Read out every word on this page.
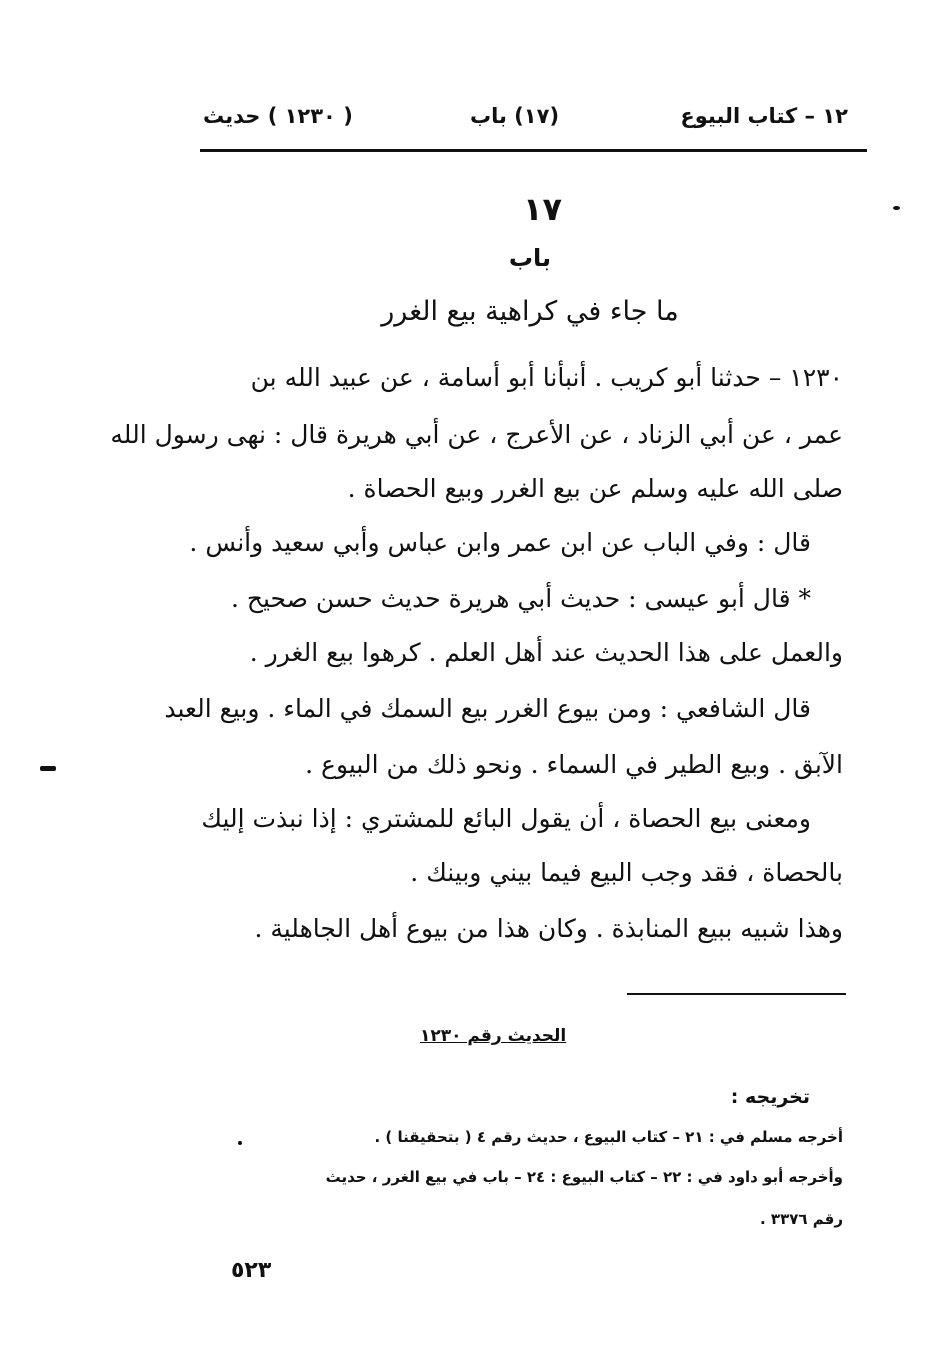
١٢ – كتاب البيوع
(١٧) باب
( ١٢٣٠ ) حديث
١٧
باب
ما جاء في كراهية بيع الغرر
١٢٣٠ – حدثنا أبو كريب . أنبأنا أبو أسامة ، عن عبيد الله بن
عمر ، عن أبي الزناد ، عن الأعرج ، عن أبي هريرة قال : نهى رسول الله
صلى الله عليه وسلم عن بيع الغرر وبيع الحصاة .
قال : وفي الباب عن ابن عمر وابن عباس وأبي سعيد وأنس .
* قال أبو عيسى : حديث أبي هريرة حديث حسن صحيح .
والعمل على هذا الحديث عند أهل العلم . كرهوا بيع الغرر .
قال الشافعي : ومن بيوع الغرر بيع السمك في الماء . وبيع العبد
الآبق . وبيع الطير في السماء . ونحو ذلك من البيوع .
ومعنى بيع الحصاة ، أن يقول البائع للمشتري : إذا نبذت إليك
بالحصاة ، فقد وجب البيع فيما بيني وبينك .
وهذا شبيه ببيع المنابذة . وكان هذا من بيوع أهل الجاهلية .
الحديث رقم ١٢٣٠
تخريجه :
أخرجه مسلم في : ٢١ – كتاب البيوع ، حديث رقم ٤ ( بتحقيقنا ) .
وأخرجه أبو داود في : ٢٢ – كتاب البيوع : ٢٤ – باب في بيع الغرر ، حديث
رقم ٣٣٧٦ .
٥٢٣
